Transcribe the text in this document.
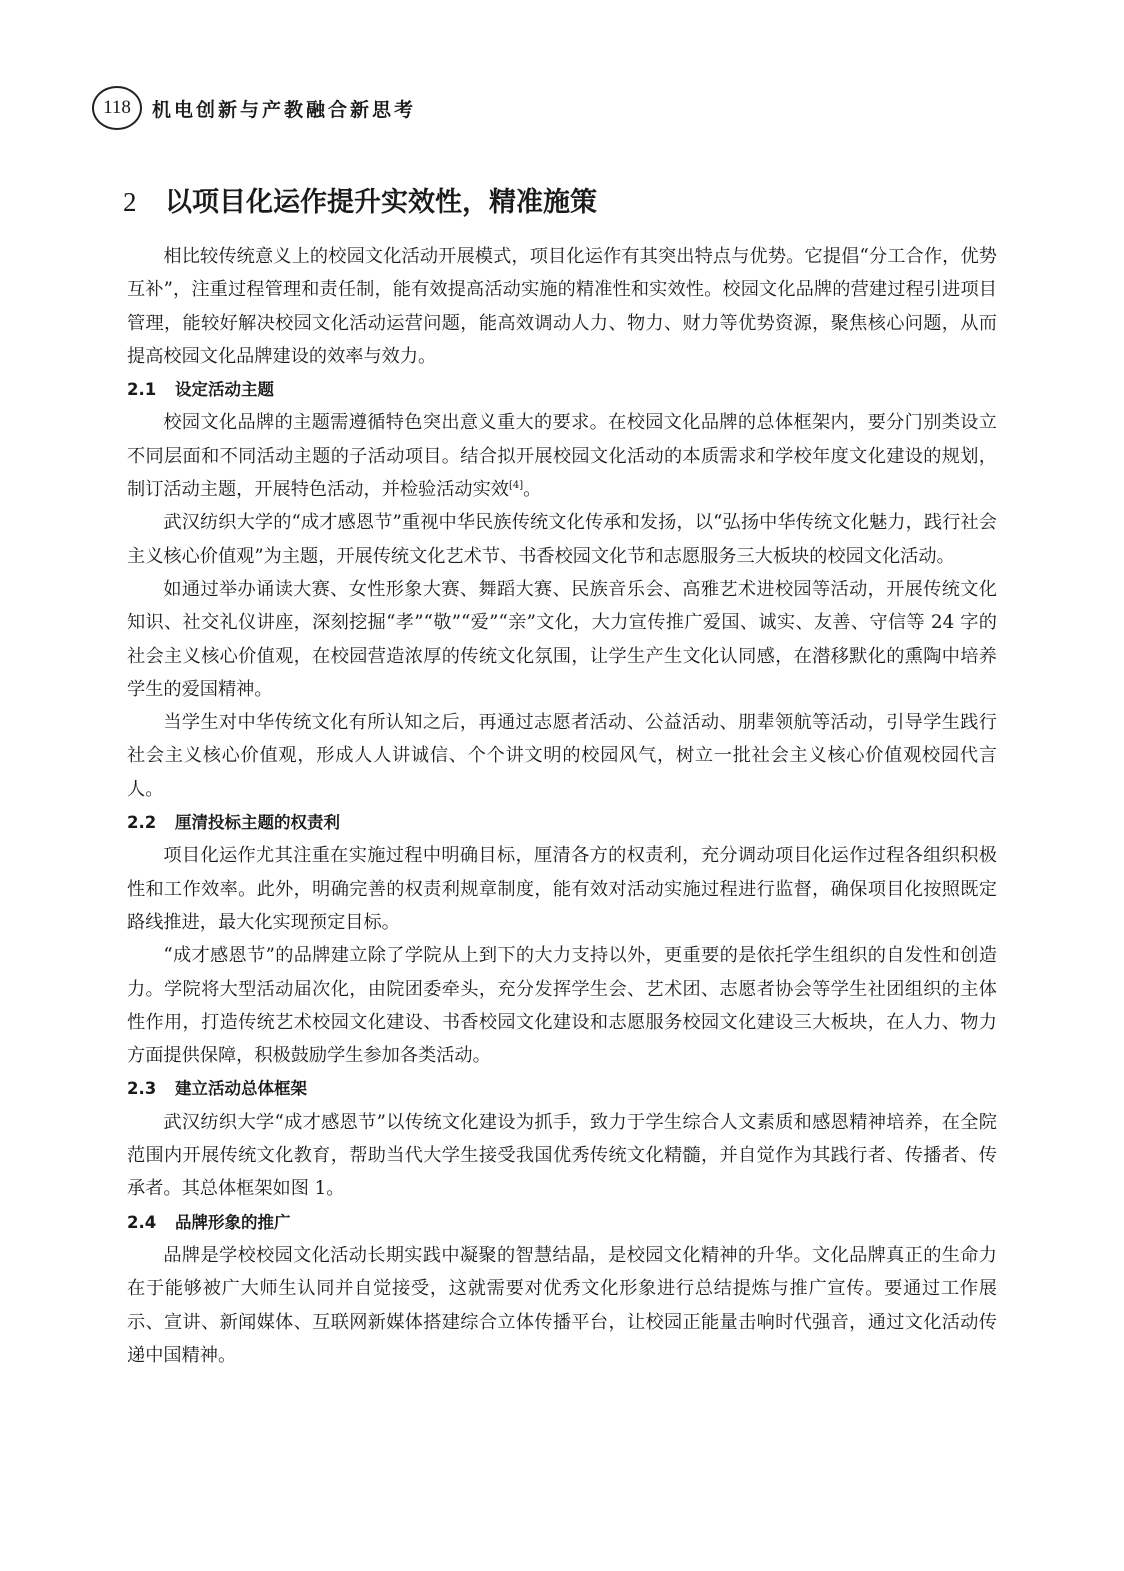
118	机电创新与产教融合新思考
2	以项目化运作提升实效性，精准施策

相比较传统意义上的校园文化活动开展模式，项目化运作有其突出特点与优势。它提倡“分工合作，优势互补”，注重过程管理和责任制，能有效提高活动实施的精准性和实效性。校园文化品牌的营建过程引进项目管理，能较好解决校园文化活动运营问题，能高效调动人力、物力、财力等优势资源，聚焦核心问题，从而提高校园文化品牌建设的效率与效力。

2.1 设定活动主题

校园文化品牌的主题需遵循特色突出意义重大的要求。在校园文化品牌的总体框架内，要分门别类设立不同层面和不同活动主题的子活动项目。结合拟开展校园文化活动的本质需求和学校年度文化建设的规划，制订活动主题，开展特色活动，并检验活动实效[4]。

武汉纺织大学的“成才感恩节”重视中华民族传统文化传承和发扬，以“弘扬中华传统文化魅力，践行社会主义核心价值观”为主题，开展传统文化艺术节、书香校园文化节和志愿服务三大板块的校园文化活动。

如通过举办诵读大赛、女性形象大赛、舞蹈大赛、民族音乐会、高雅艺术进校园等活动，开展传统文化知识、社交礼仪讲座，深刻挖掘“孝”“敬”“爱”“亲”文化，大力宣传推广爱国、诚实、友善、守信等 24 字的社会主义核心价值观，在校园营造浓厚的传统文化氛围，让学生产生文化认同感，在潜移默化的熏陶中培养学生的爱国精神。

当学生对中华传统文化有所认知之后，再通过志愿者活动、公益活动、朋辈领航等活动，引导学生践行社会主义核心价值观，形成人人讲诚信、个个讲文明的校园风气，树立一批社会主义核心价值观校园代言人。

2.2 厘清投标主题的权责利

项目化运作尤其注重在实施过程中明确目标，厘清各方的权责利，充分调动项目化运作过程各组织积极性和工作效率。此外，明确完善的权责利规章制度，能有效对活动实施过程进行监督，确保项目化按照既定路线推进，最大化实现预定目标。

“成才感恩节”的品牌建立除了学院从上到下的大力支持以外，更重要的是依托学生组织的自发性和创造力。学院将大型活动届次化，由院团委牵头，充分发挥学生会、艺术团、志愿者协会等学生社团组织的主体性作用，打造传统艺术校园文化建设、书香校园文化建设和志愿服务校园文化建设三大板块，在人力、物力方面提供保障，积极鼓励学生参加各类活动。

2.3 建立活动总体框架

武汉纺织大学“成才感恩节”以传统文化建设为抓手，致力于学生综合人文素质和感恩精神培养，在全院范围内开展传统文化教育，帮助当代大学生接受我国优秀传统文化精髓，并自觉作为其践行者、传播者、传承者。其总体框架如图 1。

2.4 品牌形象的推广

品牌是学校校园文化活动长期实践中凝聚的智慧结晶，是校园文化精神的升华。文化品牌真正的生命力在于能够被广大师生认同并自觉接受，这就需要对优秀文化形象进行总结提炼与推广宣传。要通过工作展示、宣讲、新闻媒体、互联网新媒体搭建综合立体传播平台，让校园正能量击响时代强音，通过文化活动传递中国精神。
